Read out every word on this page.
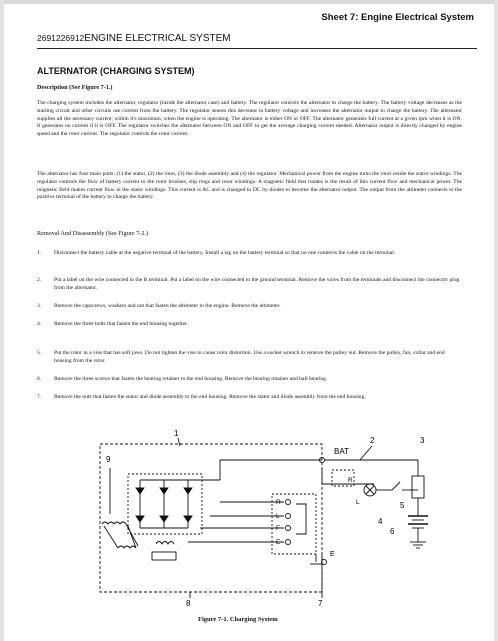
Sheet 7: Engine Electrical System
2691226912ENGINE ELECTRICAL SYSTEM
ALTERNATOR (CHARGING SYSTEM)
Description (See Figure 7-1.)
The charging system includes the alternator, regulator (inside the alternator case) and battery. The regulator controls the alternator to charge the battery. The battery voltage decreases as the starting circuit and other circuits use current from the battery. The regulator senses this decrease in battery voltage and increases the alternator output to charge the battery. The alternator supplies all the necessary current, within it's maximum, when the engine is operating. The alternator is either ON or OFF. The alternator generates full current at a given rpm when it is ON. It generates no current if it is OFF. The regulator switches the alternator between ON and OFF to get the average charging current needed. Alternator output is directly changed by engine speed and the rotor current. The regulator controls the rotor current.
The alternator has four main parts: (1) the stator, (2) the rotor, (3) the diode assembly and (4) the regulator. Mechanical power from the engine turns the rotor inside the stator windings. The regulator controls the flow of battery current to the rotor brushes, slip rings and rotor windings. A magnetic field that rotates is the result of this current flow and mechanical power. The magnetic field makes current flow in the stator windings. This current is AC and is changed to DC by diodes to become the alternator output. The output from the altimeter connects to the positive terminal of the battery to charge the battery.
Removal And Disassembly (See Figure 7-2.)
1. Disconnect the battery cable at the negative terminal of the battery. Install a tag on the battery terminal so that no one connects the cable on the terminal.
2. Put a label on the wire connected to the B terminal. Put a label on the wire connected to the ground terminal. Remove the wires from the terminals and disconnect the connector plug from the alternator.
3. Remove the capscrews, washers and nut that fasten the altimeter to the engine. Remove the altimeter.
4. Remove the three bolts that fasten the end housing together.
5. Put the rotor in a vise that has soft jaws. Do not tighten the vise to cause rotor distortion. Use a socket wrench to remove the pulley nut. Remove the pulley, fan, collar and end housing from the rotor.
6. Remove the three screws that fasten the bearing retainer to the end housing. Remove the bearing retainer and ball bearing.
7. Remove the nuts that fasten the stator and diode assembly to the end housing. Remove the stator and diode assembly from the end housing.
9
1
2	3
4
5
6
7
8
BAT
R
L
R
L
F
E
E
Figure 7-1. Charging System
